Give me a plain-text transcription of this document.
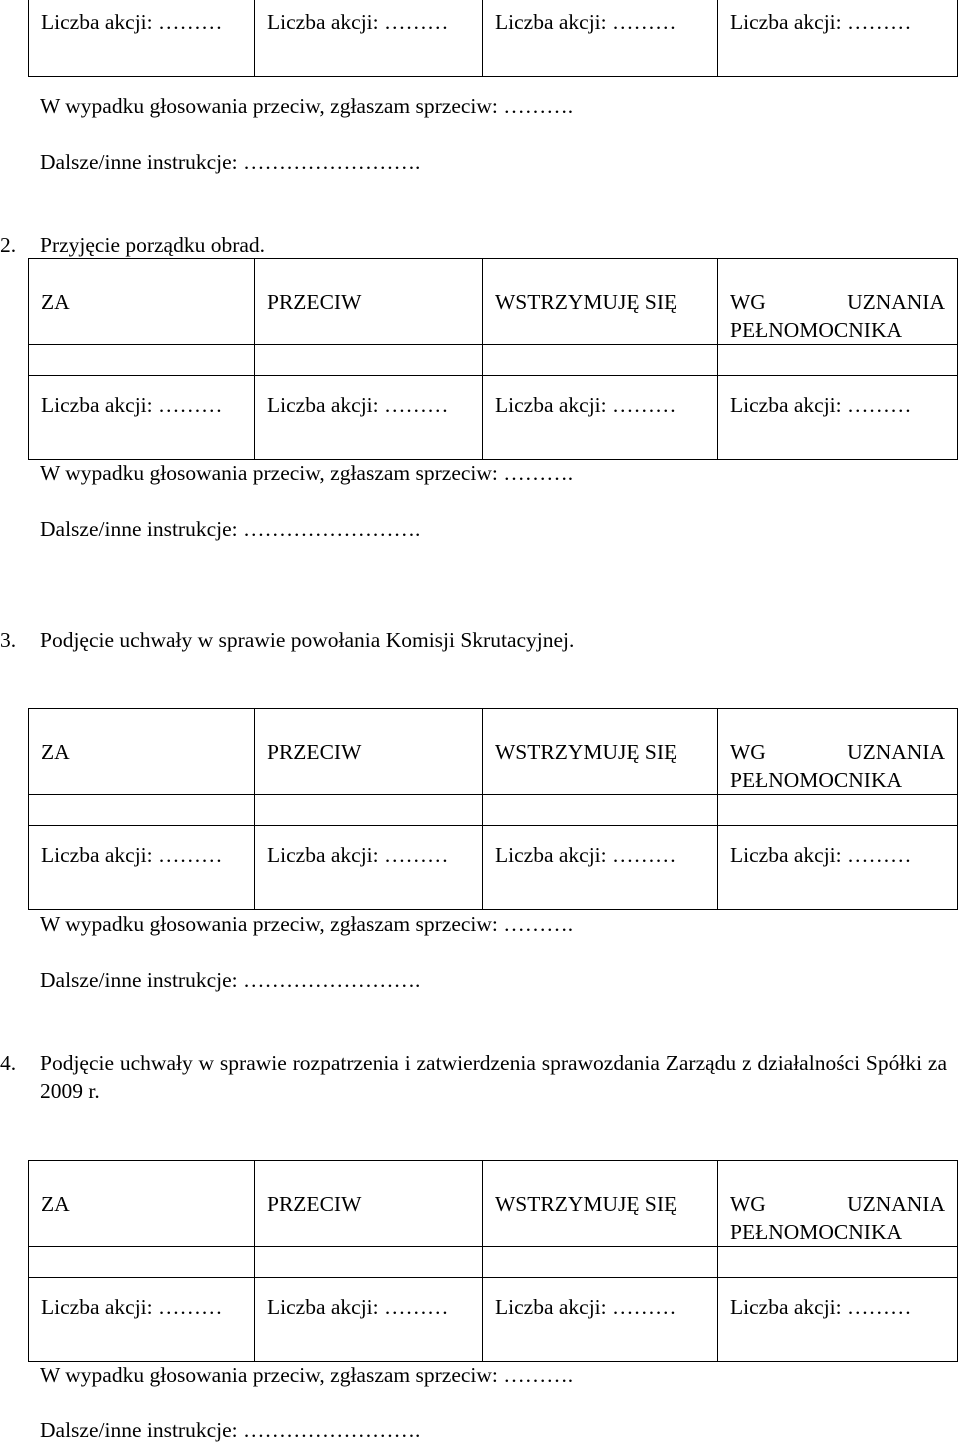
Liczba akcji: ………	Liczba akcji: ………	Liczba akcji: ………	Liczba akcji: ………
W wypadku głosowania przeciw, zgłaszam sprzeciw: ……….
Dalsze/inne instrukcje: …………………….
2. Przyjęcie porządku obrad.
ZA	PRZECIW	WSTRZYMUJĘ SIĘ	WG UZNANIA PEŁNOMOCNIKA

Liczba akcji: ………	Liczba akcji: ………	Liczba akcji: ………	Liczba akcji: ………
W wypadku głosowania przeciw, zgłaszam sprzeciw: ……….
Dalsze/inne instrukcje: …………………….
3. Podjęcie uchwały w sprawie powołania Komisji Skrutacyjnej.
ZA	PRZECIW	WSTRZYMUJĘ SIĘ	WG UZNANIA PEŁNOMOCNIKA

Liczba akcji: ………	Liczba akcji: ………	Liczba akcji: ………	Liczba akcji: ………
W wypadku głosowania przeciw, zgłaszam sprzeciw: ……….
Dalsze/inne instrukcje: …………………….
4. Podjęcie uchwały w sprawie rozpatrzenia i zatwierdzenia sprawozdania Zarządu z działalności Spółki za 2009 r.
ZA	PRZECIW	WSTRZYMUJĘ SIĘ	WG UZNANIA PEŁNOMOCNIKA

Liczba akcji: ………	Liczba akcji: ………	Liczba akcji: ………	Liczba akcji: ………
W wypadku głosowania przeciw, zgłaszam sprzeciw: ……….
Dalsze/inne instrukcje: …………………….
